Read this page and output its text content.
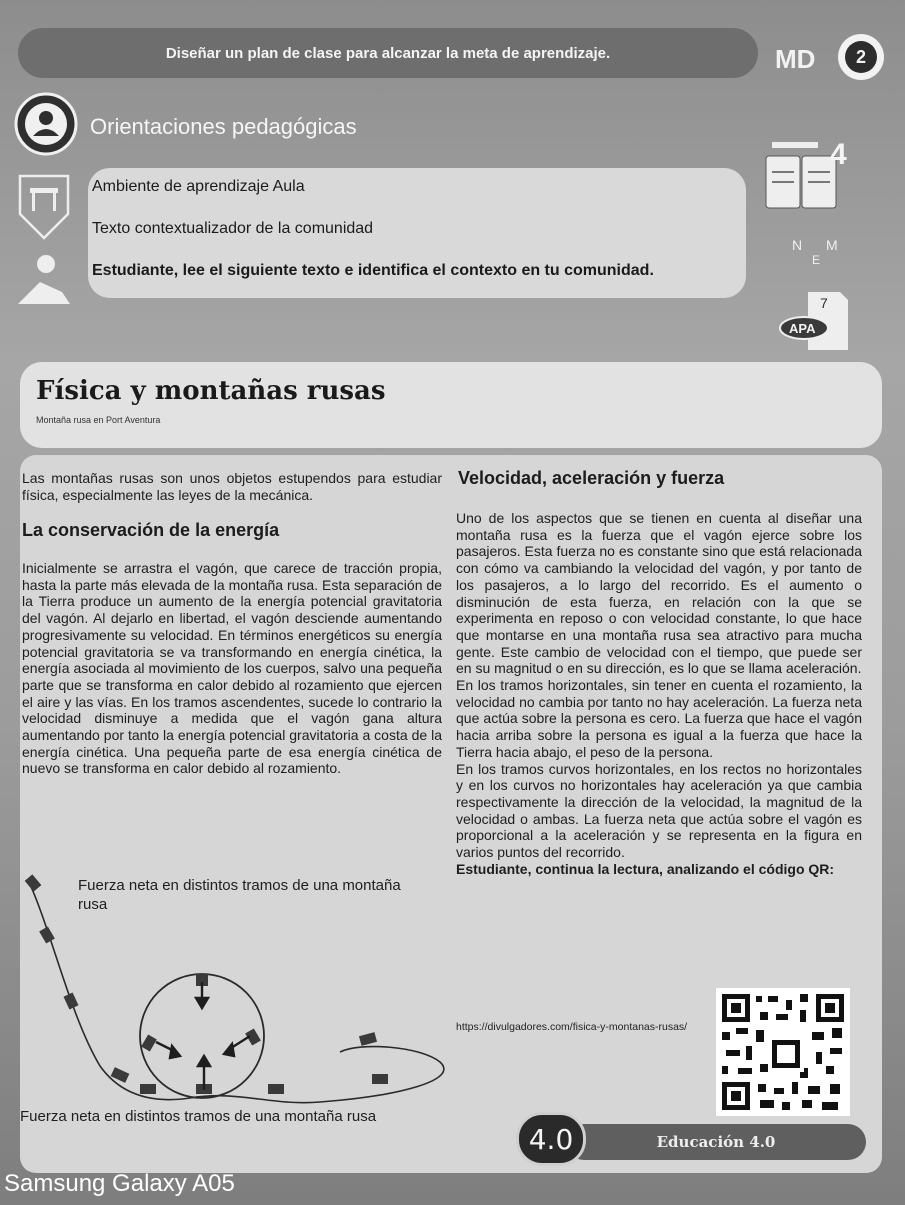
Diseñar un plan de clase para alcanzar la meta de aprendizaje.	MD	2
Orientaciones pedagógicas
Ambiente de aprendizaje Aula
Texto contextualizador de la comunidad
Estudiante, lee el siguiente texto e identifica el contexto en tu comunidad.
4
N
E
M
7
APA
Física y montañas rusas
Montaña rusa en Port Aventura

Las montañas rusas son unos objetos estupendos para estudiar física, especialmente las leyes de la mecánica.

La conservación de la energía

Inicialmente se arrastra el vagón, que carece de tracción propia, hasta la parte más elevada de la montaña rusa. Esta separación de la Tierra produce un aumento de la energía potencial gravitatoria del vagón. Al dejarlo en libertad, el vagón desciende aumentando progresivamente su velocidad. En términos energéticos su energía potencial gravitatoria se va transformando en energía cinética, la energía asociada al movimiento de los cuerpos, salvo una pequeña parte que se transforma en calor debido al rozamiento que ejercen el aire y las vías. En los tramos ascendentes, sucede lo contrario la velocidad disminuye a medida que el vagón gana altura aumentando por tanto la energía potencial gravitatoria a costa de la energía cinética. Una pequeña parte de esa energía cinética de nuevo se transforma en calor debido al rozamiento.

Velocidad, aceleración y fuerza

Uno de los aspectos que se tienen en cuenta al diseñar una montaña rusa es la fuerza que el vagón ejerce sobre los pasajeros. Esta fuerza no es constante sino que está relacionada con cómo va cambiando la velocidad del vagón, y por tanto de los pasajeros, a lo largo del recorrido. Es el aumento o disminución de esta fuerza, en relación con la que se experimenta en reposo o con velocidad constante, lo que hace que montarse en una montaña rusa sea atractivo para mucha gente. Este cambio de velocidad con el tiempo, que puede ser en su magnitud o en su dirección, es lo que se llama aceleración.

En los tramos horizontales, sin tener en cuenta el rozamiento, la velocidad no cambia por tanto no hay aceleración. La fuerza neta que actúa sobre la persona es cero. La fuerza que hace el vagón hacia arriba sobre la persona es igual a la fuerza que hace la Tierra hacia abajo, el peso de la persona.

En los tramos curvos horizontales, en los rectos no horizontales y en los curvos no horizontales hay aceleración ya que cambia respectivamente la dirección de la velocidad, la magnitud de la velocidad o ambas. La fuerza neta que actúa sobre el vagón es proporcional a la aceleración y se representa en la figura en varios puntos del recorrido.

Estudiante, continua la lectura, analizando el código QR:

Fuerza neta en distintos tramos de una montaña rusa
Fuerza neta en distintos tramos de una montaña rusa
https://divulgadores.com/fisica-y-montanas-rusas/
Educación 4.0
4.0
Samsung Galaxy A05
